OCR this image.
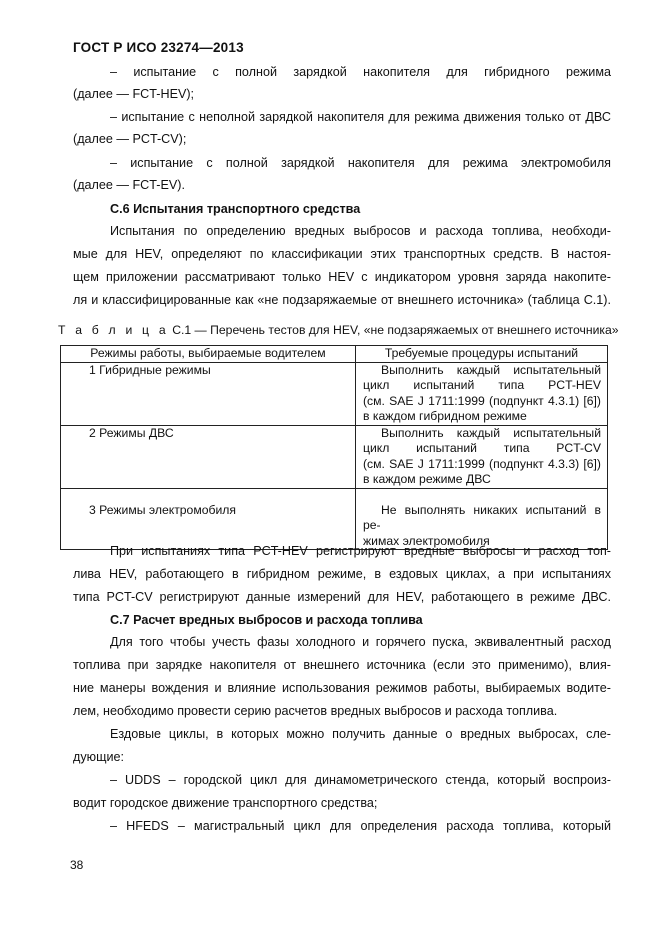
ГОСТ Р ИСО 23274—2013
– испытание с полной зарядкой накопителя для гибридного режима
(далее — FCT-HEV);
– испытание с неполной зарядкой накопителя для режима движения только от ДВС
(далее — PCT-CV);
– испытание с полной зарядкой накопителя для режима электромобиля
(далее — FCT-EV).
С.6 Испытания транспортного средства
Испытания по определению вредных выбросов и расхода топлива, необходи-
мые для HEV, определяют по классификации этих транспортных средств. В настоя-
щем приложении рассматривают только HEV с индикатором уровня заряда накопите-
ля и классифицированные как «не подзаряжаемые от внешнего источника» (таблица С.1).
Т а б л и ц а С.1 — Перечень тестов для HEV, «не подзаряжаемых от внешнего источника»
Режимы работы, выбираемые водителем	Требуемые процедуры испытаний
1 Гибридные режимы	Выполнить каждый испытательный
цикл испытаний типа PCT-HEV
(см. SAE J 1711:1999 (подпункт 4.3.1) [6])
в каждом гибридном режиме

2 Режимы ДВС	Выполнить каждый испытательный
цикл испытаний типа PCT-CV
(см. SAE J 1711:1999 (подпункт 4.3.3) [6])
в каждом режиме ДВС

3 Режимы электромобиля	Не выполнять никаких испытаний в ре-
жимах электромобиля
При испытаниях типа PCT-HEV регистрируют вредные выбросы и расход топ-
лива HEV, работающего в гибридном режиме, в ездовых циклах, а при испытаниях
типа PCT-CV регистрируют данные измерений для HEV, работающего в режиме ДВС.
С.7 Расчет вредных выбросов и расхода топлива
Для того чтобы учесть фазы холодного и горячего пуска, эквивалентный расход
топлива при зарядке накопителя от внешнего источника (если это применимо), влия-
ние манеры вождения и влияние использования режимов работы, выбираемых водите-
лем, необходимо провести серию расчетов вредных выбросов и расхода топлива.
Ездовые циклы, в которых можно получить данные о вредных выбросах, сле-
дующие:
– UDDS – городской цикл для динамометрического стенда, который воспроиз-
водит городское движение транспортного средства;
– HFEDS – магистральный цикл для определения расхода топлива, который
38
